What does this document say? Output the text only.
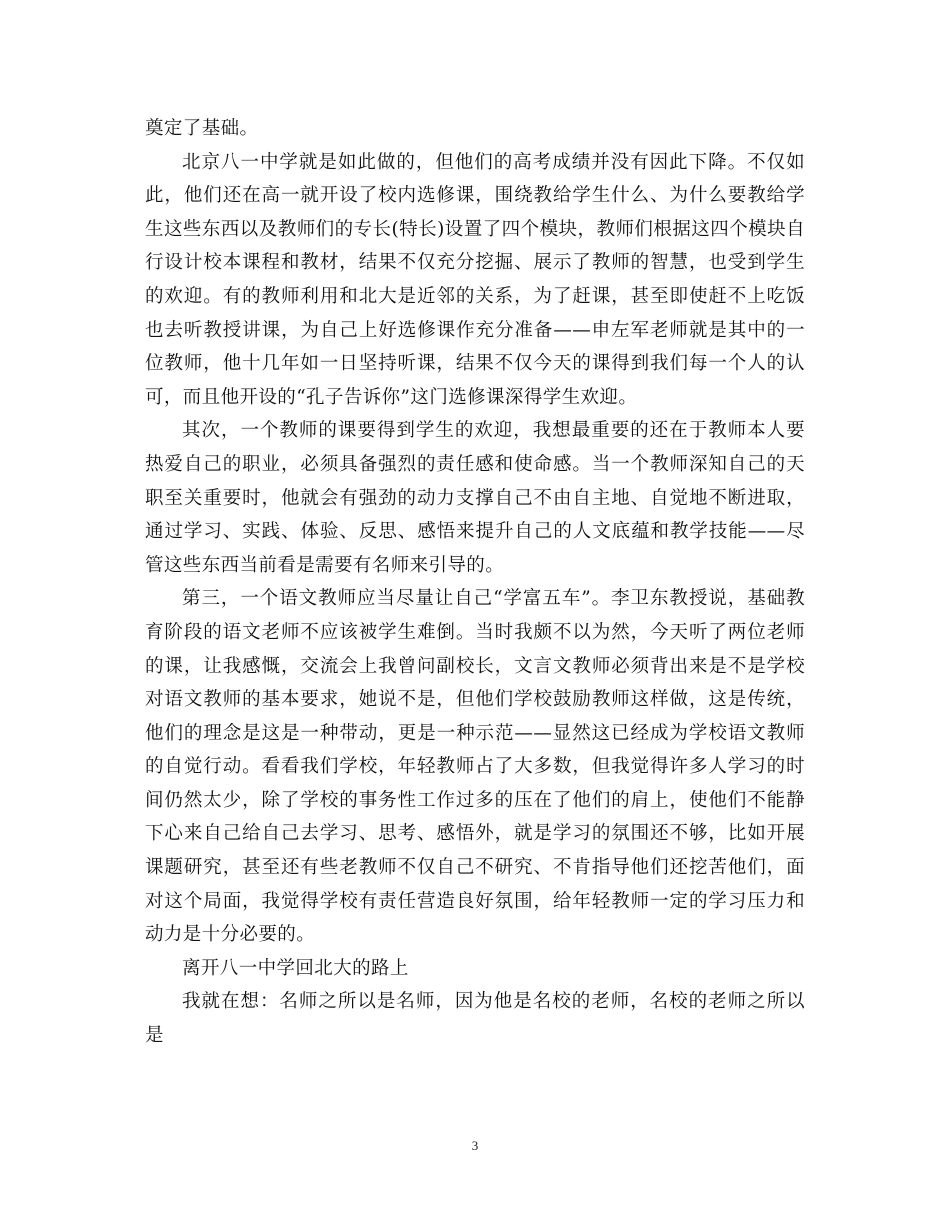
奠定了基础。

北京八一中学就是如此做的，但他们的高考成绩并没有因此下降。不仅如此，他们还在高一就开设了校内选修课，围绕教给学生什么、为什么要教给学生这些东西以及教师们的专长(特长)设置了四个模块，教师们根据这四个模块自行设计校本课程和教材，结果不仅充分挖掘、展示了教师的智慧，也受到学生的欢迎。有的教师利用和北大是近邻的关系，为了赶课，甚至即使赶不上吃饭也去听教授讲课，为自己上好选修课作充分准备——申左军老师就是其中的一位教师，他十几年如一日坚持听课，结果不仅今天的课得到我们每一个人的认可，而且他开设的“孔子告诉你”这门选修课深得学生欢迎。

其次，一个教师的课要得到学生的欢迎，我想最重要的还在于教师本人要热爱自己的职业，必须具备强烈的责任感和使命感。当一个教师深知自己的天职至关重要时，他就会有强劲的动力支撑自己不由自主地、自觉地不断进取，通过学习、实践、体验、反思、感悟来提升自己的人文底蕴和教学技能——尽管这些东西当前看是需要有名师来引导的。

第三，一个语文教师应当尽量让自己“学富五车”。李卫东教授说，基础教育阶段的语文老师不应该被学生难倒。当时我颇不以为然，今天听了两位老师的课，让我感慨，交流会上我曾问副校长，文言文教师必须背出来是不是学校对语文教师的基本要求，她说不是，但他们学校鼓励教师这样做，这是传统，他们的理念是这是一种带动，更是一种示范——显然这已经成为学校语文教师的自觉行动。看看我们学校，年轻教师占了大多数，但我觉得许多人学习的时间仍然太少，除了学校的事务性工作过多的压在了他们的肩上，使他们不能静下心来自己给自己去学习、思考、感悟外，就是学习的氛围还不够，比如开展课题研究，甚至还有些老教师不仅自己不研究、不肯指导他们还挖苦他们，面对这个局面，我觉得学校有责任营造良好氛围，给年轻教师一定的学习压力和动力是十分必要的。

离开八一中学回北大的路上

我就在想：名师之所以是名师，因为他是名校的老师，名校的老师之所以是

3
